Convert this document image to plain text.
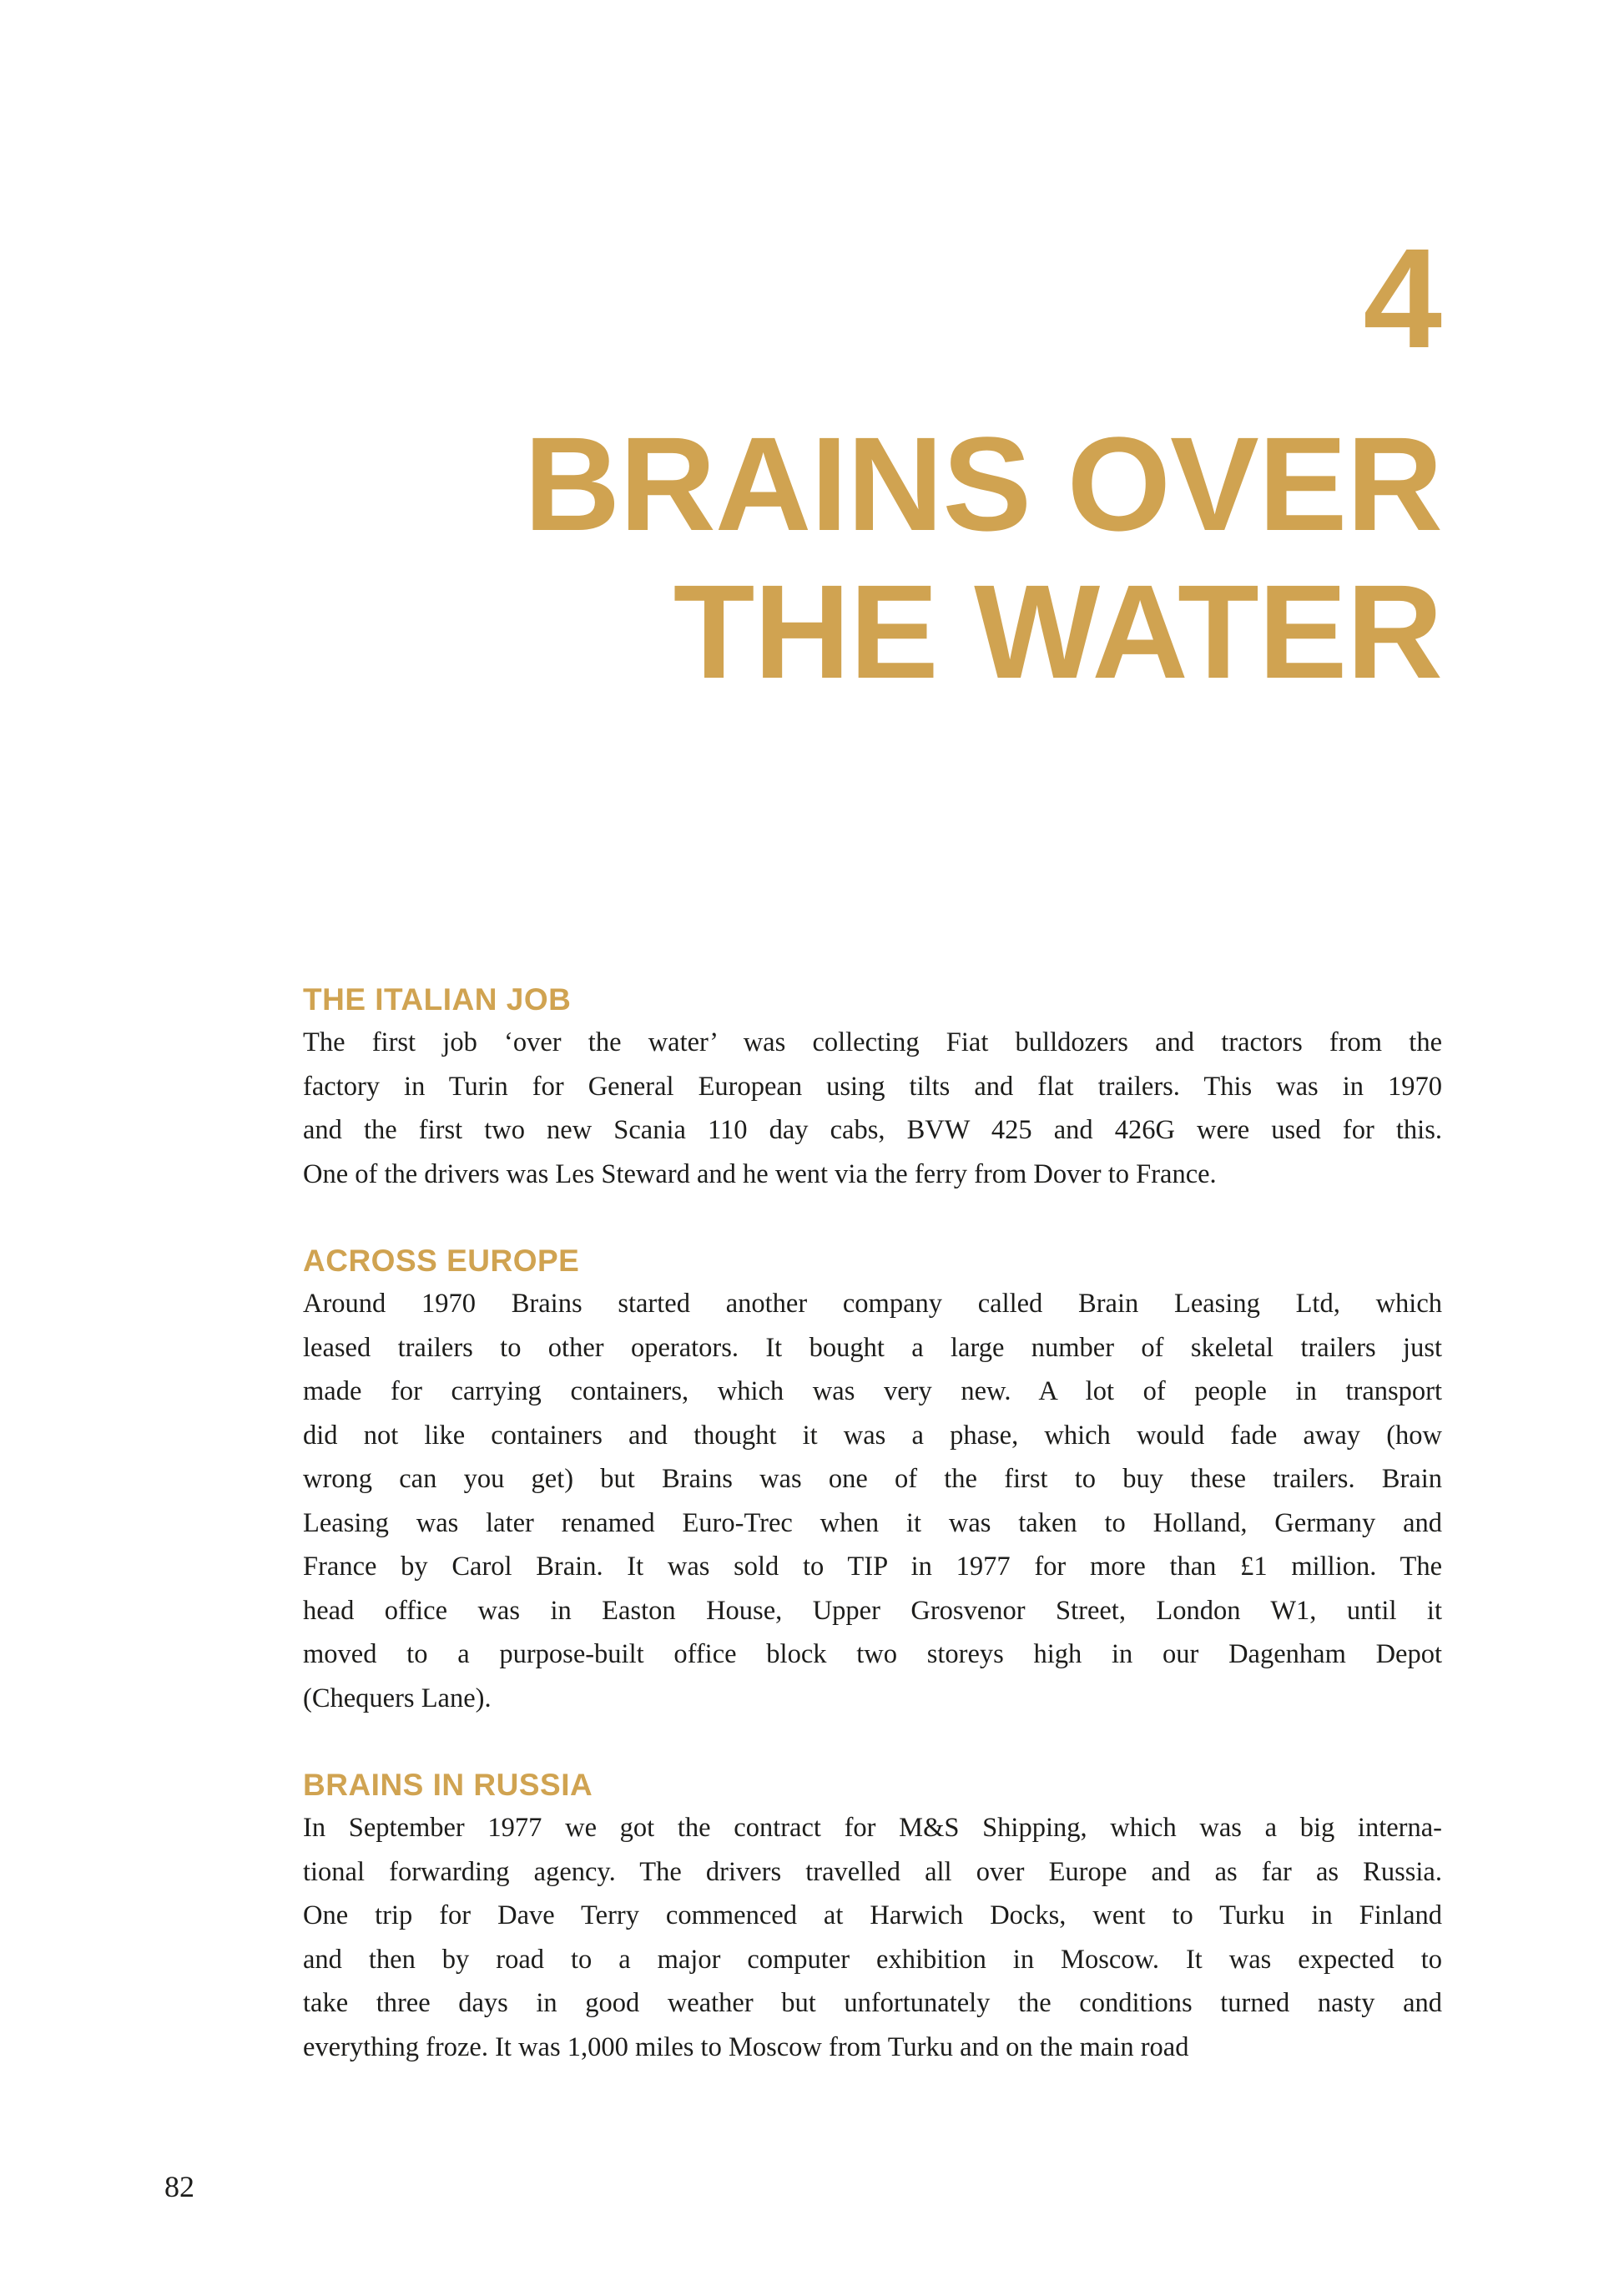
4
BRAINS OVER
THE WATER
THE ITALIAN JOB
The first job ‘over the water’ was collecting Fiat bulldozers and tractors from the
factory in Turin for General European using tilts and flat trailers. This was in 1970
and the first two new Scania 110 day cabs, BVW 425 and 426G were used for this.
One of the drivers was Les Steward and he went via the ferry from Dover to France.
ACROSS EUROPE
Around 1970 Brains started another company called Brain Leasing Ltd, which
leased trailers to other operators. It bought a large number of skeletal trailers just
made for carrying containers, which was very new. A lot of people in transport
did not like containers and thought it was a phase, which would fade away (how
wrong can you get) but Brains was one of the first to buy these trailers. Brain
Leasing was later renamed Euro-Trec when it was taken to Holland, Germany and
France by Carol Brain. It was sold to TIP in 1977 for more than £1 million. The
head office was in Easton House, Upper Grosvenor Street, London W1, until it
moved to a purpose-built office block two storeys high in our Dagenham Depot
(Chequers Lane).
BRAINS IN RUSSIA
In September 1977 we got the contract for M&S Shipping, which was a big interna-
tional forwarding agency. The drivers travelled all over Europe and as far as Russia.
One trip for Dave Terry commenced at Harwich Docks, went to Turku in Finland
and then by road to a major computer exhibition in Moscow. It was expected to
take three days in good weather but unfortunately the conditions turned nasty and
everything froze. It was 1,000 miles to Moscow from Turku and on the main road
82
